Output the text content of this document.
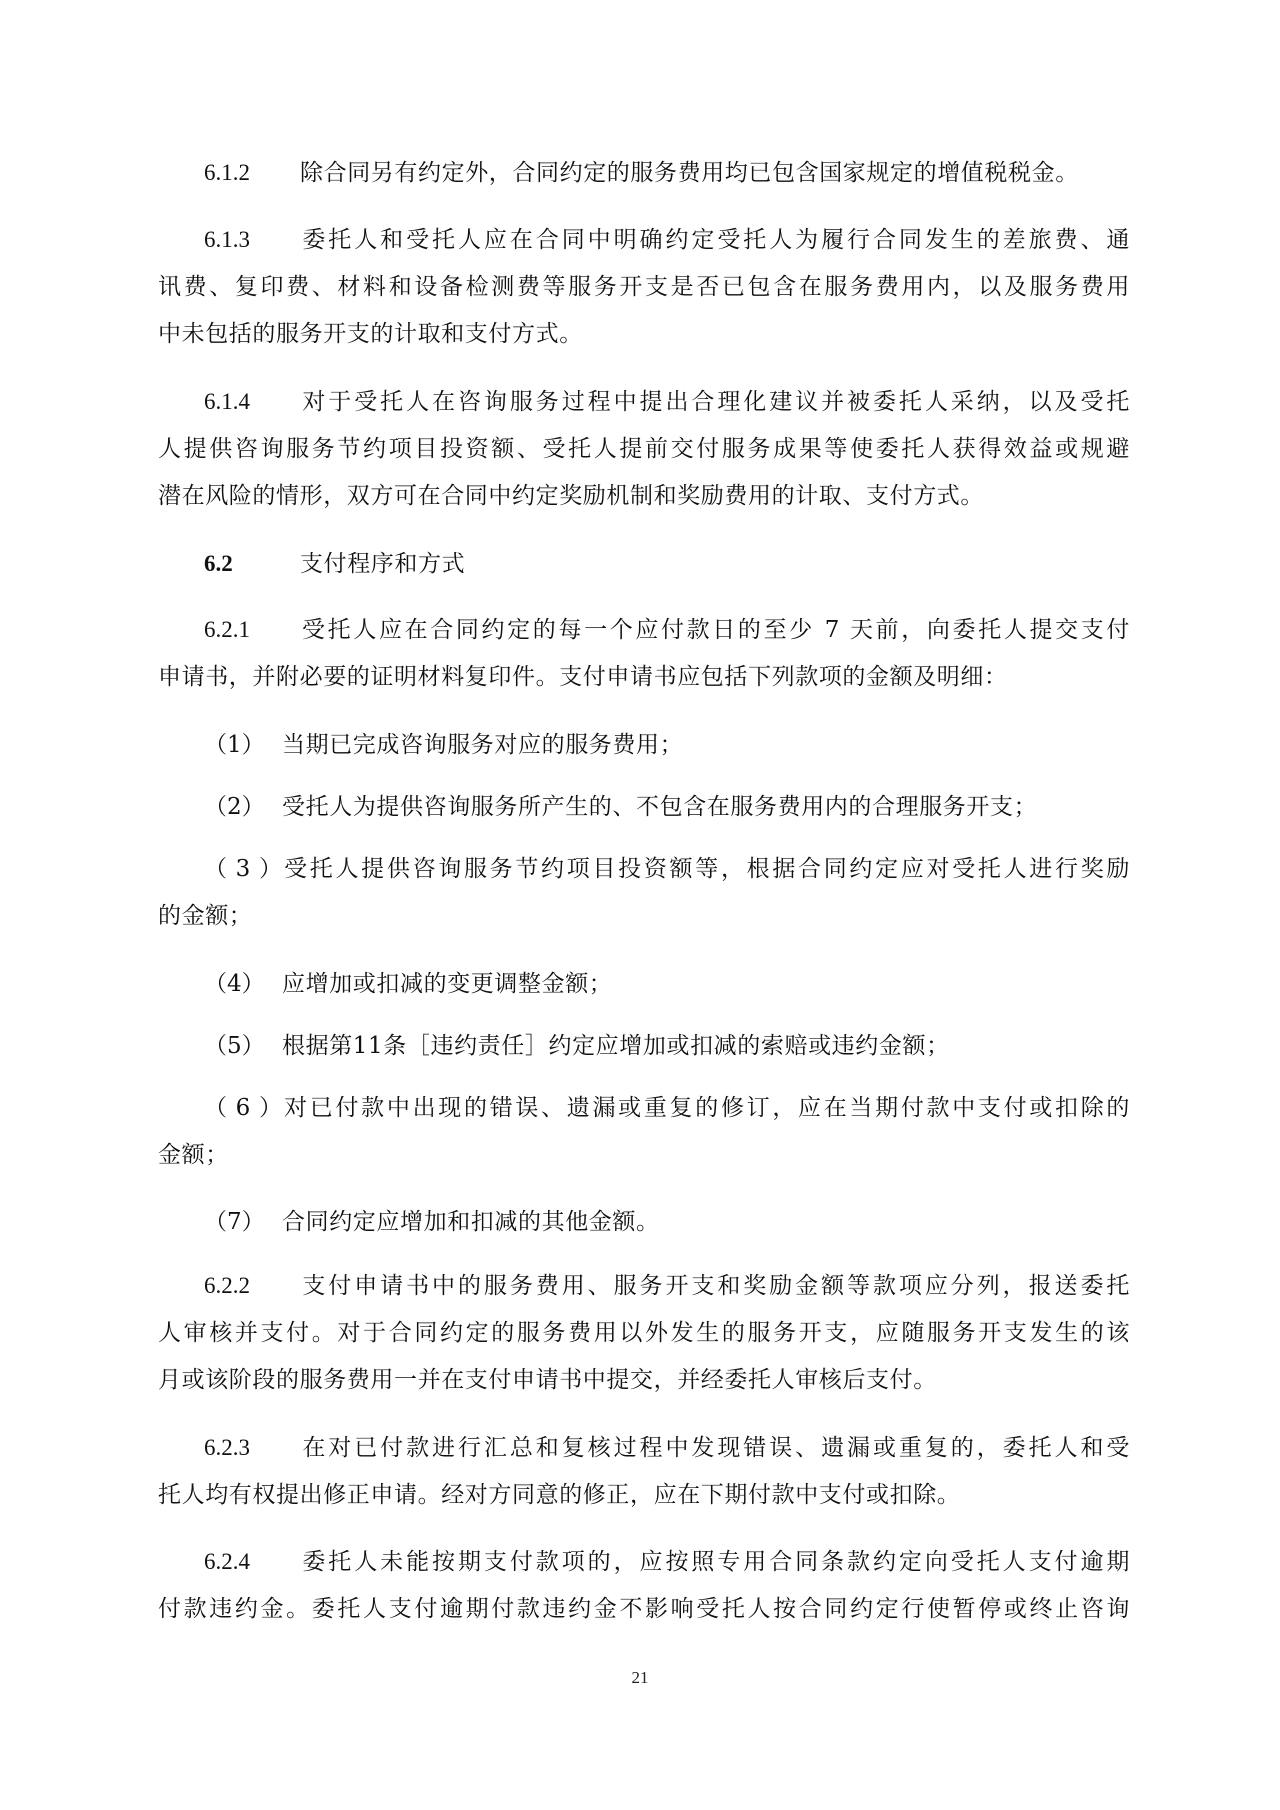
6.1.2 除合同另有约定外，合同约定的服务费用均已包含国家规定的增值税税金。
6.1.3 委托人和受托人应在合同中明确约定受托人为履行合同发生的差旅费、通
讯费、复印费、材料和设备检测费等服务开支是否已包含在服务费用内，以及服务费用
中未包括的服务开支的计取和支付方式。
6.1.4 对于受托人在咨询服务过程中提出合理化建议并被委托人采纳，以及受托
人提供咨询服务节约项目投资额、受托人提前交付服务成果等使委托人获得效益或规避
潜在风险的情形，双方可在合同中约定奖励机制和奖励费用的计取、支付方式。
6.2	支付程序和方式
6.2.1 受托人应在合同约定的每一个应付款日的至少 7 天前，向委托人提交支付
申请书，并附必要的证明材料复印件。支付申请书应包括下列款项的金额及明细：
（1） 当期已完成咨询服务对应的服务费用；
（2） 受托人为提供咨询服务所产生的、不包含在服务费用内的合理服务开支；
（3）受托人提供咨询服务节约项目投资额等，根据合同约定应对受托人进行奖励
的金额；
（4） 应增加或扣减的变更调整金额；
（5） 根据第11条［违约责任］约定应增加或扣减的索赔或违约金额；
（6）对已付款中出现的错误、遗漏或重复的修订，应在当期付款中支付或扣除的
金额；
（7） 合同约定应增加和扣减的其他金额。
6.2.2 支付申请书中的服务费用、服务开支和奖励金额等款项应分列，报送委托
人审核并支付。对于合同约定的服务费用以外发生的服务开支，应随服务开支发生的该
月或该阶段的服务费用一并在支付申请书中提交，并经委托人审核后支付。
6.2.3 在对已付款进行汇总和复核过程中发现错误、遗漏或重复的，委托人和受
托人均有权提出修正申请。经对方同意的修正，应在下期付款中支付或扣除。
6.2.4 委托人未能按期支付款项的，应按照专用合同条款约定向受托人支付逾期
付款违约金。委托人支付逾期付款违约金不影响受托人按合同约定行使暂停或终止咨询
21
